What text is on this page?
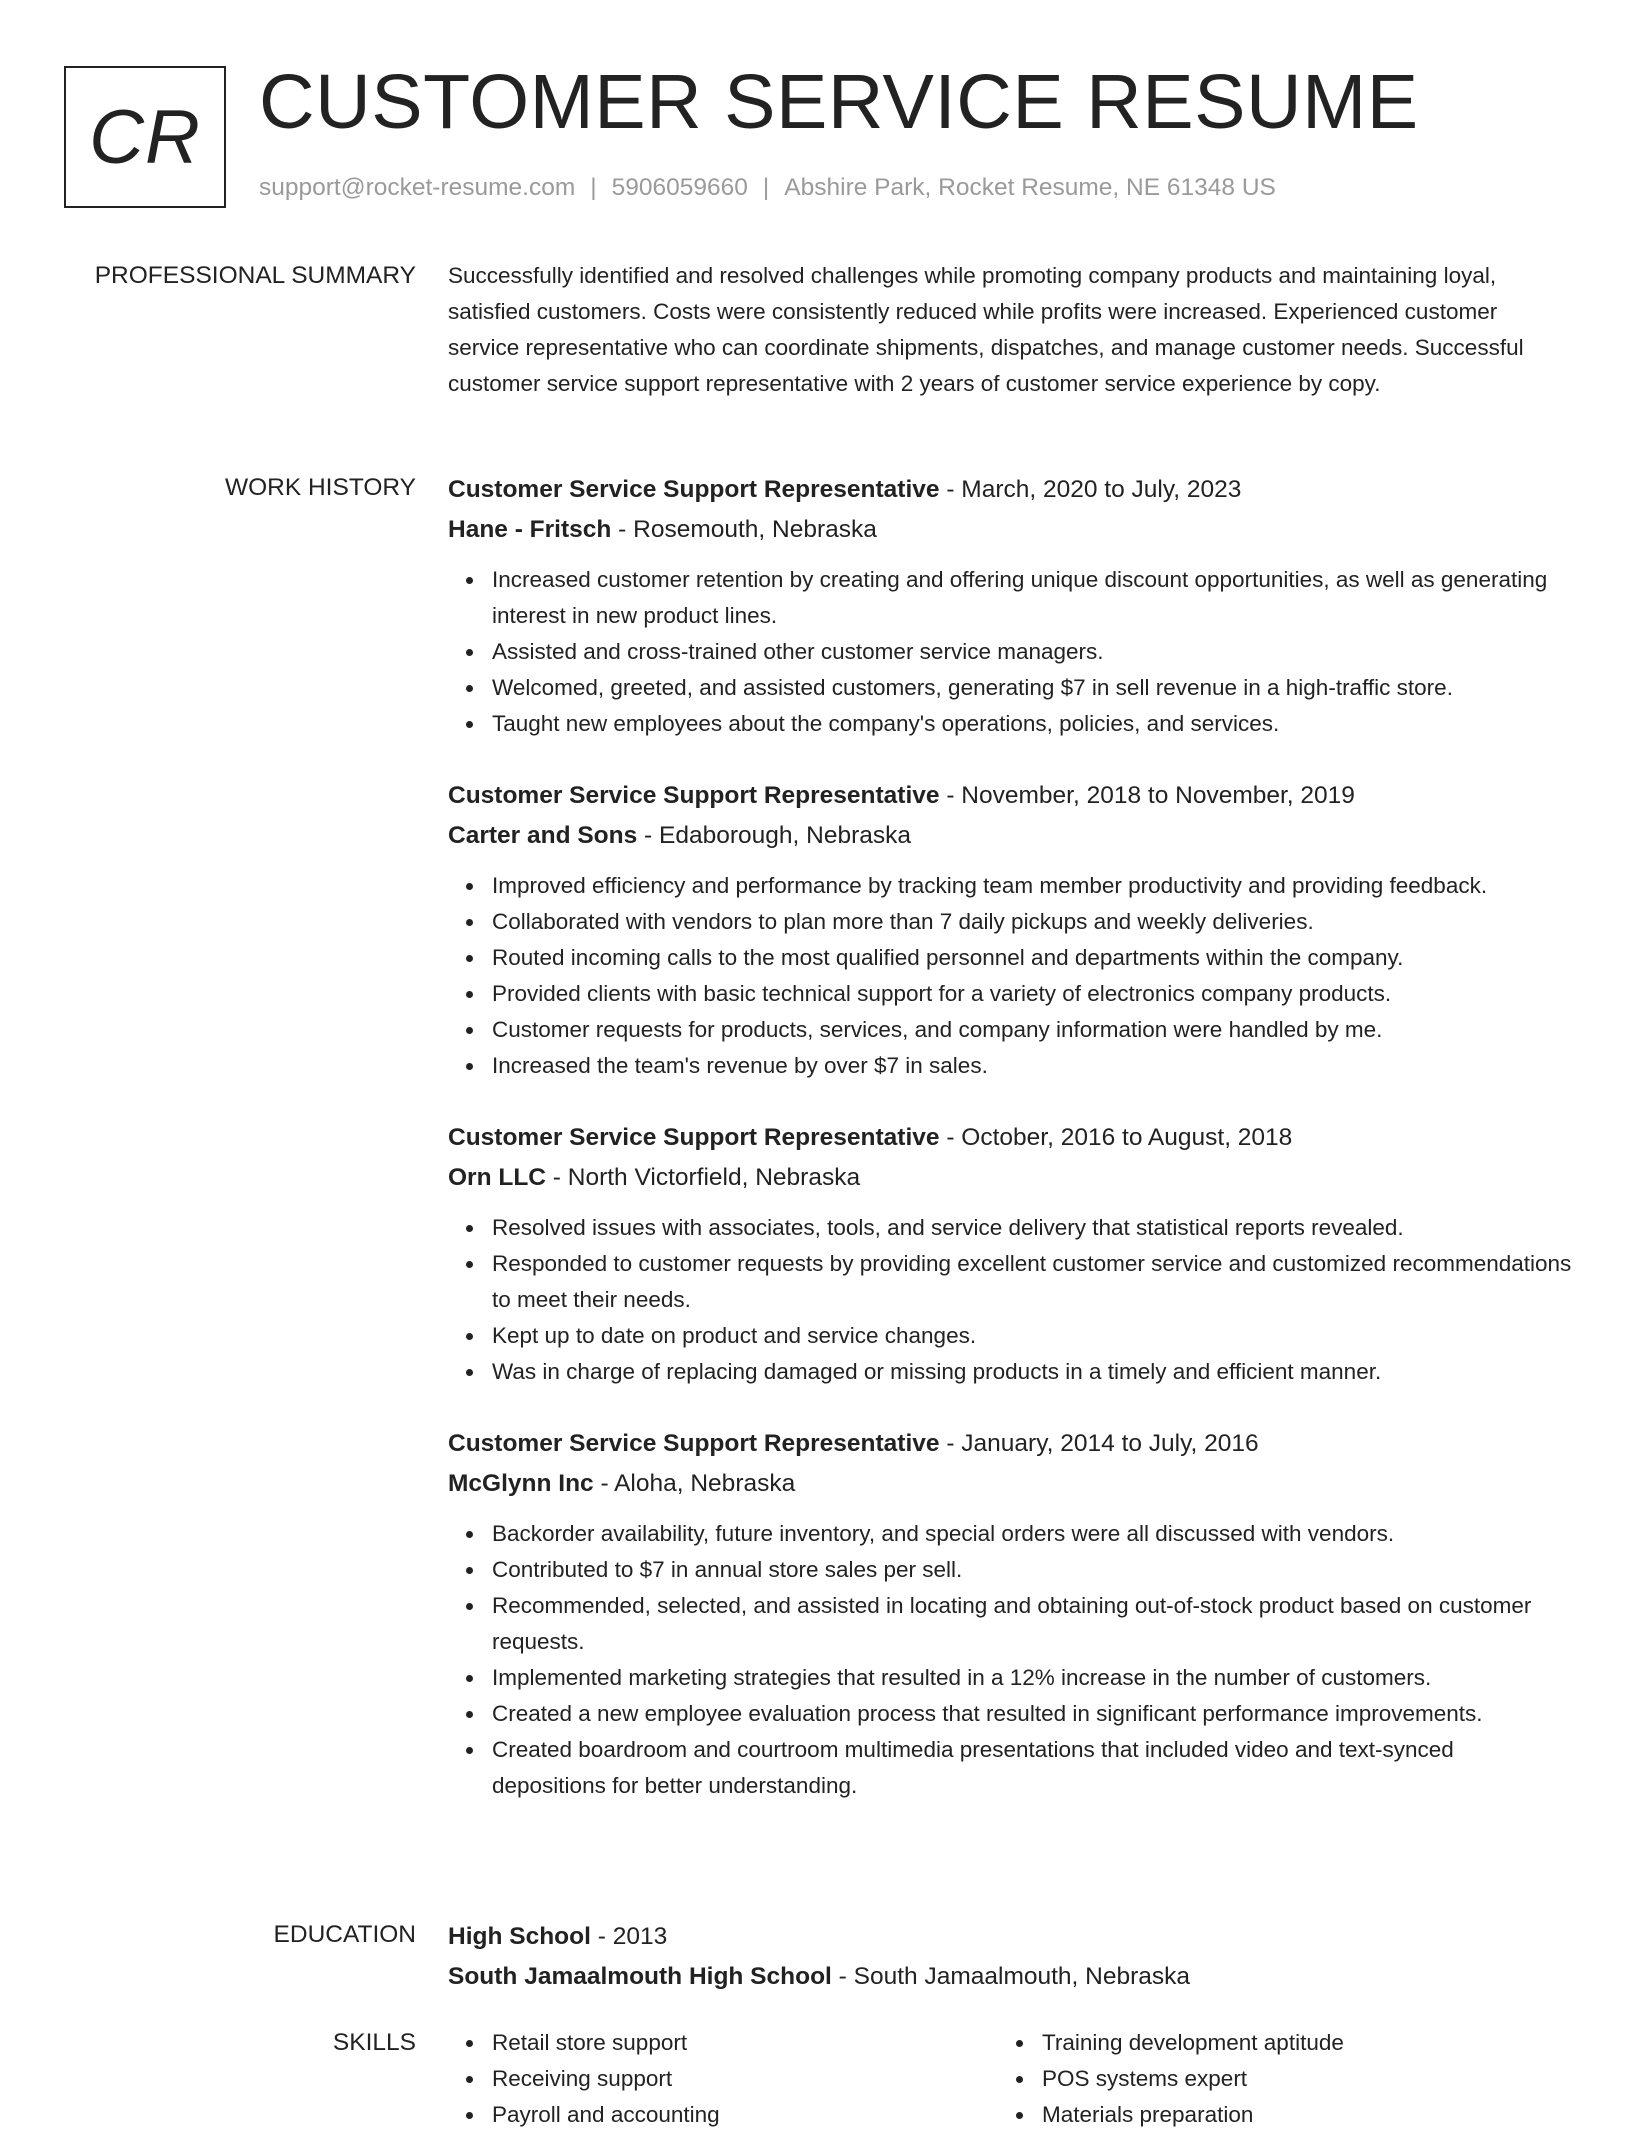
CR CUSTOMER SERVICE RESUME
support@rocket-resume.com | 5906059660 | Abshire Park, Rocket Resume, NE 61348 US
PROFESSIONAL SUMMARY Successfully identified and resolved challenges while promoting company products and maintaining loyal, satisfied customers. Costs were consistently reduced while profits were increased. Experienced customer service representative who can coordinate shipments, dispatches, and manage customer needs. Successful customer service support representative with 2 years of customer service experience by copy.

WORK HISTORY Customer Service Support Representative - March, 2020 to July, 2023
Hane - Fritsch - Rosemouth, Nebraska
Increased customer retention by creating and offering unique discount opportunities, as well as generating interest in new product lines.
Assisted and cross-trained other customer service managers.
Welcomed, greeted, and assisted customers, generating $7 in sell revenue in a high-traffic store.
Taught new employees about the company's operations, policies, and services.
Customer Service Support Representative - November, 2018 to November, 2019
Carter and Sons - Edaborough, Nebraska
Improved efficiency and performance by tracking team member productivity and providing feedback.
Collaborated with vendors to plan more than 7 daily pickups and weekly deliveries.
Routed incoming calls to the most qualified personnel and departments within the company.
Provided clients with basic technical support for a variety of electronics company products.
Customer requests for products, services, and company information were handled by me.
Increased the team's revenue by over $7 in sales.
Customer Service Support Representative - October, 2016 to August, 2018
Orn LLC - North Victorfield, Nebraska
Resolved issues with associates, tools, and service delivery that statistical reports revealed.
Responded to customer requests by providing excellent customer service and customized recommendations to meet their needs.
Kept up to date on product and service changes.
Was in charge of replacing damaged or missing products in a timely and efficient manner.
Customer Service Support Representative - January, 2014 to July, 2016
McGlynn Inc - Aloha, Nebraska
Backorder availability, future inventory, and special orders were all discussed with vendors.
Contributed to $7 in annual store sales per sell.
Recommended, selected, and assisted in locating and obtaining out-of-stock product based on customer requests.
Implemented marketing strategies that resulted in a 12% increase in the number of customers.
Created a new employee evaluation process that resulted in significant performance improvements.
Created boardroom and courtroom multimedia presentations that included video and text-synced depositions for better understanding.
EDUCATION High School - 2013
South Jamaalmouth High School - South Jamaalmouth, Nebraska
SKILLS	Retail store support
Receiving support
Payroll and accounting
Training development aptitude
POS systems expert
Materials preparation
